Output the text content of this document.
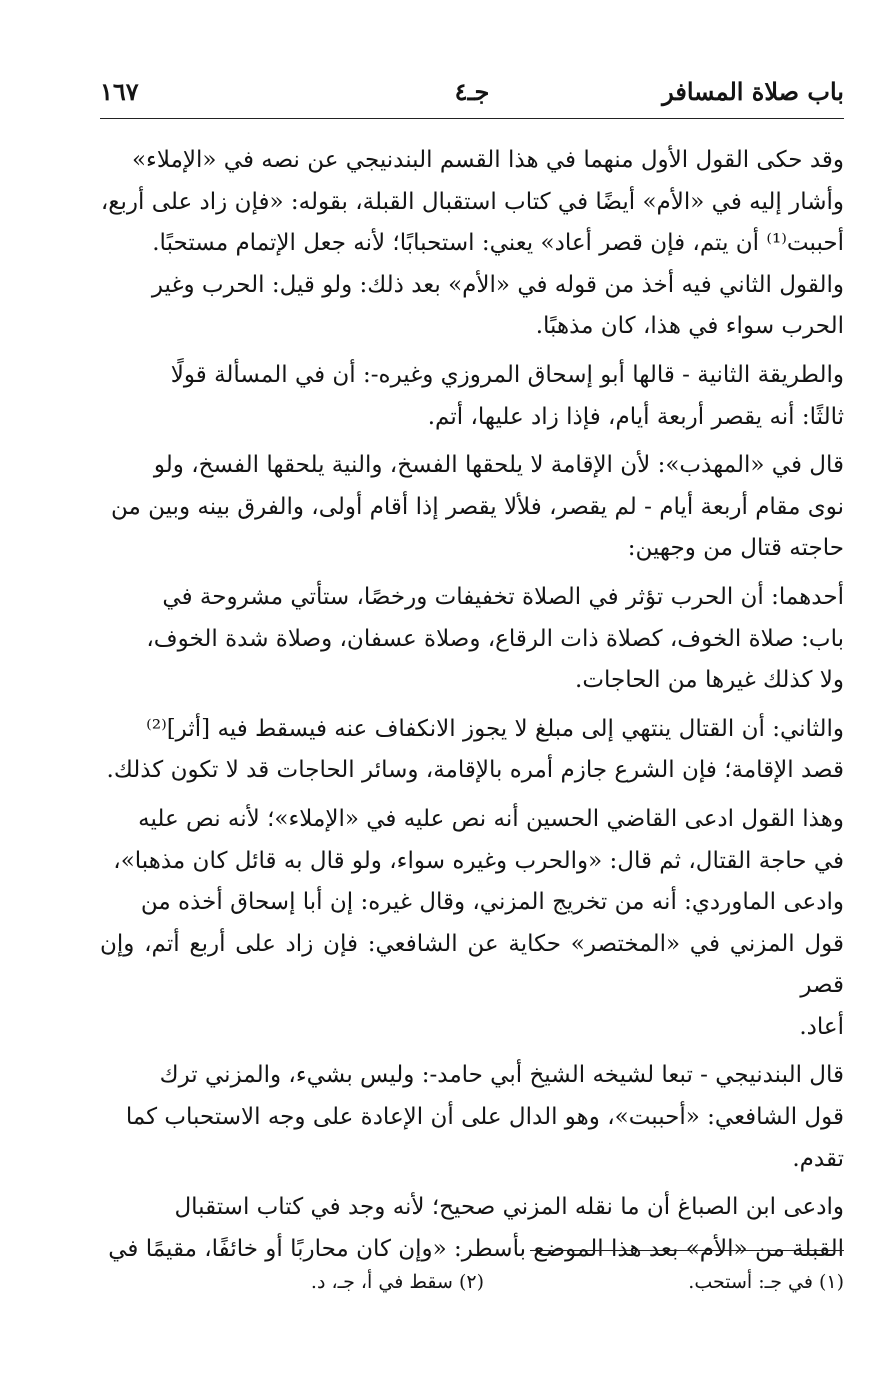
باب صلاة المسافر
جـ٤
١٦٧

وقد حكى القول الأول منهما في هذا القسم البندنيجي عن نصه في «الإملاء»
وأشار إليه في «الأم» أيضًا في كتاب استقبال القبلة، بقوله: «فإن زاد على أربع،
أحببت⁽¹⁾ أن يتم، فإن قصر أعاد» يعني: استحبابًا؛ لأنه جعل الإتمام مستحبًا.
والقول الثاني فيه أخذ من قوله في «الأم» بعد ذلك: ولو قيل: الحرب وغير
الحرب سواء في هذا، كان مذهبًا.

والطريقة الثانية - قالها أبو إسحاق المروزي وغيره-: أن في المسألة قولًا
ثالثًا: أنه يقصر أربعة أيام، فإذا زاد عليها، أتم.

قال في «المهذب»: لأن الإقامة لا يلحقها الفسخ، والنية يلحقها الفسخ، ولو
نوى مقام أربعة أيام - لم يقصر، فلألا يقصر إذا أقام أولى، والفرق بينه وبين من
حاجته قتال من وجهين:

أحدهما: أن الحرب تؤثر في الصلاة تخفيفات ورخصًا، ستأتي مشروحة في
باب: صلاة الخوف، كصلاة ذات الرقاع، وصلاة عسفان، وصلاة شدة الخوف،
ولا كذلك غيرها من الحاجات.

والثاني: أن القتال ينتهي إلى مبلغ لا يجوز الانكفاف عنه فيسقط فيه [أثر]⁽²⁾
قصد الإقامة؛ فإن الشرع جازم أمره بالإقامة، وسائر الحاجات قد لا تكون كذلك.

وهذا القول ادعى القاضي الحسين أنه نص عليه في «الإملاء»؛ لأنه نص عليه
في حاجة القتال، ثم قال: «والحرب وغيره سواء، ولو قال به قائل كان مذهبا»،
وادعى الماوردي: أنه من تخريج المزني، وقال غيره: إن أبا إسحاق أخذه من
قول المزني في «المختصر» حكاية عن الشافعي: فإن زاد على أربع أتم، وإن قصر
أعاد.

قال البندنيجي - تبعا لشيخه الشيخ أبي حامد-: وليس بشيء، والمزني ترك
قول الشافعي: «أحببت»، وهو الدال على أن الإعادة على وجه الاستحباب كما
تقدم.

وادعى ابن الصباغ أن ما نقله المزني صحيح؛ لأنه وجد في كتاب استقبال
القبلة من «الأم» بعد هذا الموضع بأسطر: «وإن كان محاربًا أو خائفًا، مقيمًا في

(١) في جـ: أستحب.
(٢) سقط في أ، جـ، د.
